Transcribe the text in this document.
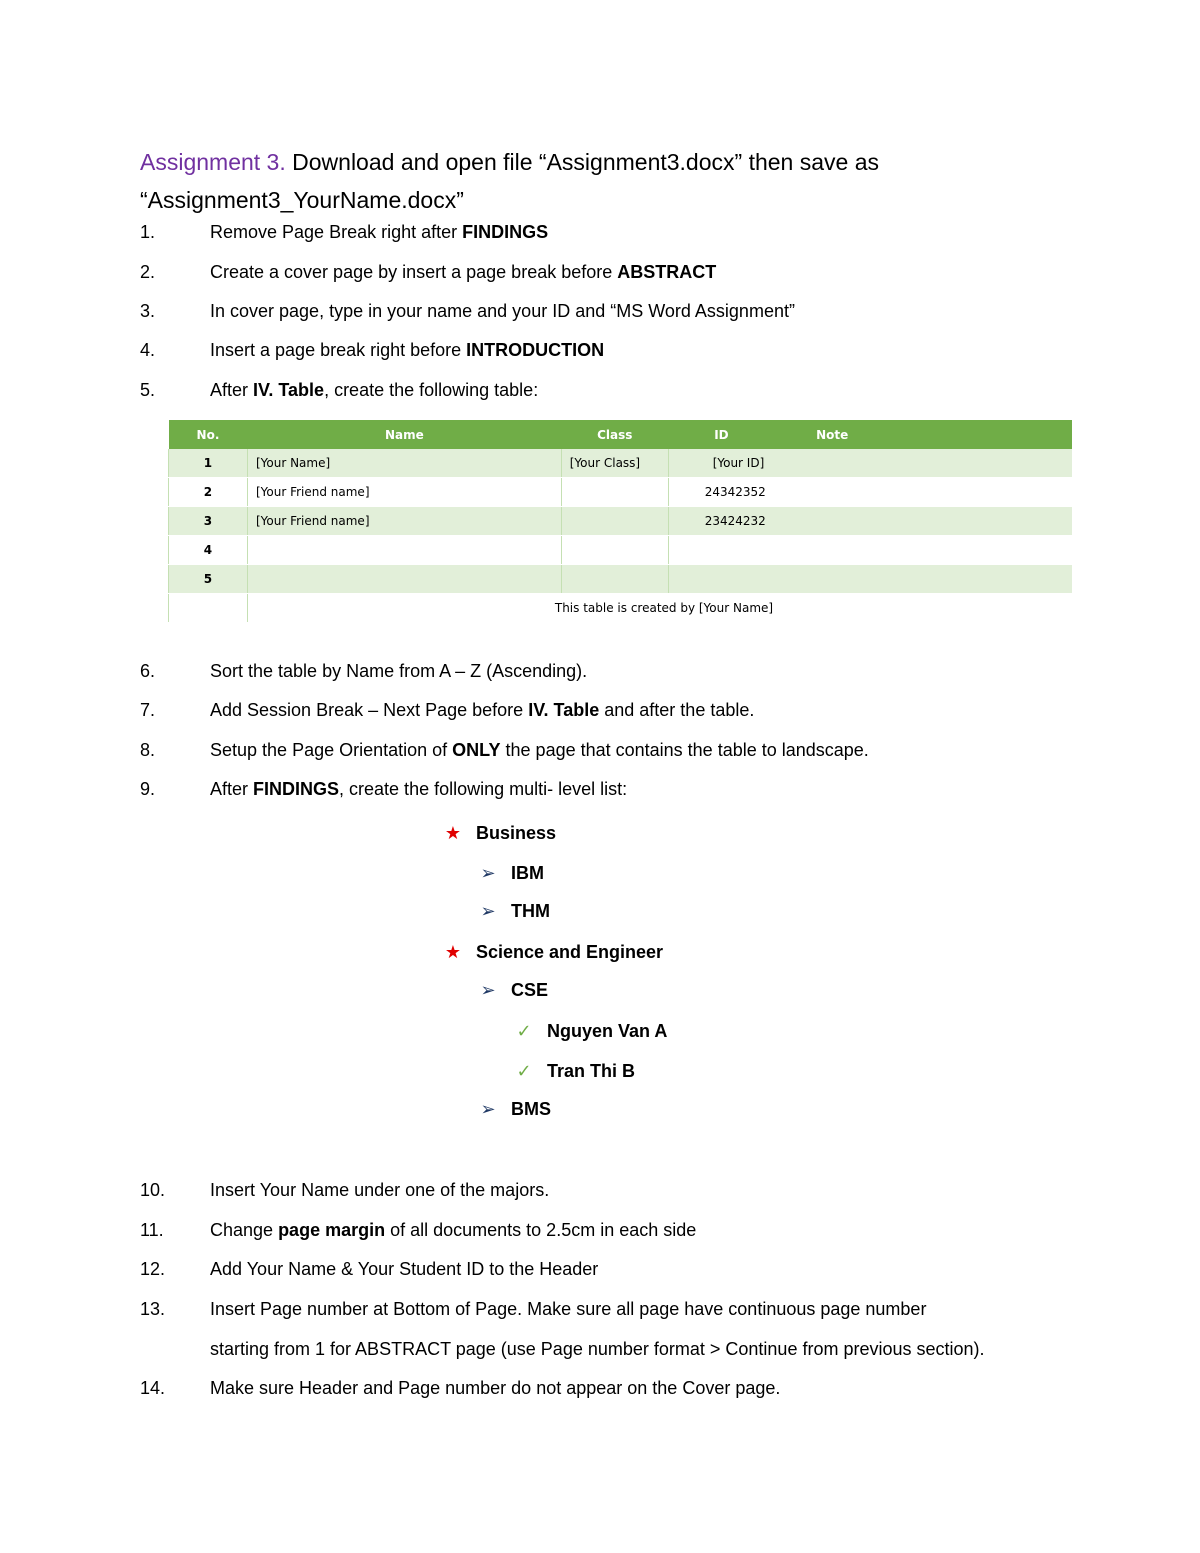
Assignment 3. Download and open file “Assignment3.docx” then save as “Assignment3_YourName.docx”
1.	Remove Page Break right after FINDINGS
2.	Create a cover page by insert a page break before ABSTRACT
3.	In cover page, type in your name and your ID and “MS Word Assignment”
4.	Insert a page break right before INTRODUCTION
5.	After IV. Table, create the following table:
No.	Name	Class	ID	Note
1	[Your Name]	[Your Class]	[Your ID]	
2	[Your Friend name]		24342352	
3	[Your Friend name]		23424232	
4				
5				
	This table is created by [Your Name]			
6.	Sort the table by Name from A – Z (Ascending).
7.	Add Session Break – Next Page before IV. Table and after the table.
8.	Setup the Page Orientation of ONLY the page that contains the table to landscape.
9.	After FINDINGS, create the following multi- level list:
★ Business
➢ IBM
➢ THM
★ Science and Engineer
➢ CSE
✓ Nguyen Van A
✓ Tran Thi B
➢ BMS
10.	Insert Your Name under one of the majors.
11.	Change page margin of all documents to 2.5cm in each side
12.	Add Your Name & Your Student ID to the Header
13.	Insert Page number at Bottom of Page. Make sure all page have continuous page number
starting from 1 for ABSTRACT page (use Page number format > Continue from previous section).
14.	Make sure Header and Page number do not appear on the Cover page.
